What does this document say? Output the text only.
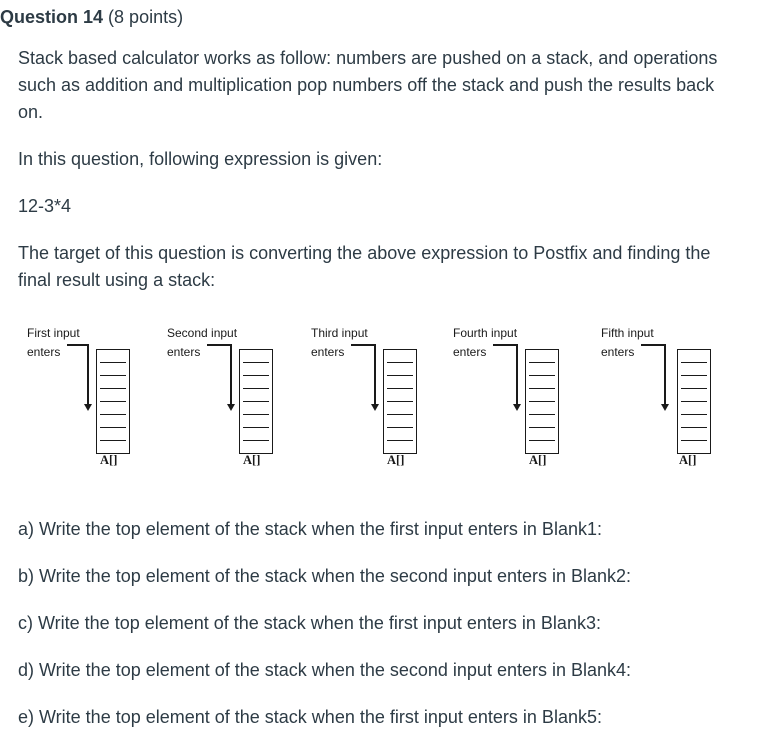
Question 14 (8 points)
Stack based calculator works as follow: numbers are pushed on a stack, and operations such as addition and multiplication pop numbers off the stack and push the results back on.
In this question, following expression is given:
12-3*4
The target of this question is converting the above expression to Postfix and finding the final result using a stack:
First input
enters
A[]
Second input
enters
A[]
Third input
enters
A[]
Fourth input
enters
A[]
Fifth input
enters
A[]
a) Write the top element of the stack when the first input enters in Blank1:
b) Write the top element of the stack when the second input enters in Blank2:
c) Write the top element of the stack when the first input enters in Blank3:
d) Write the top element of the stack when the second input enters in Blank4:
e) Write the top element of the stack when the first input enters in Blank5:
